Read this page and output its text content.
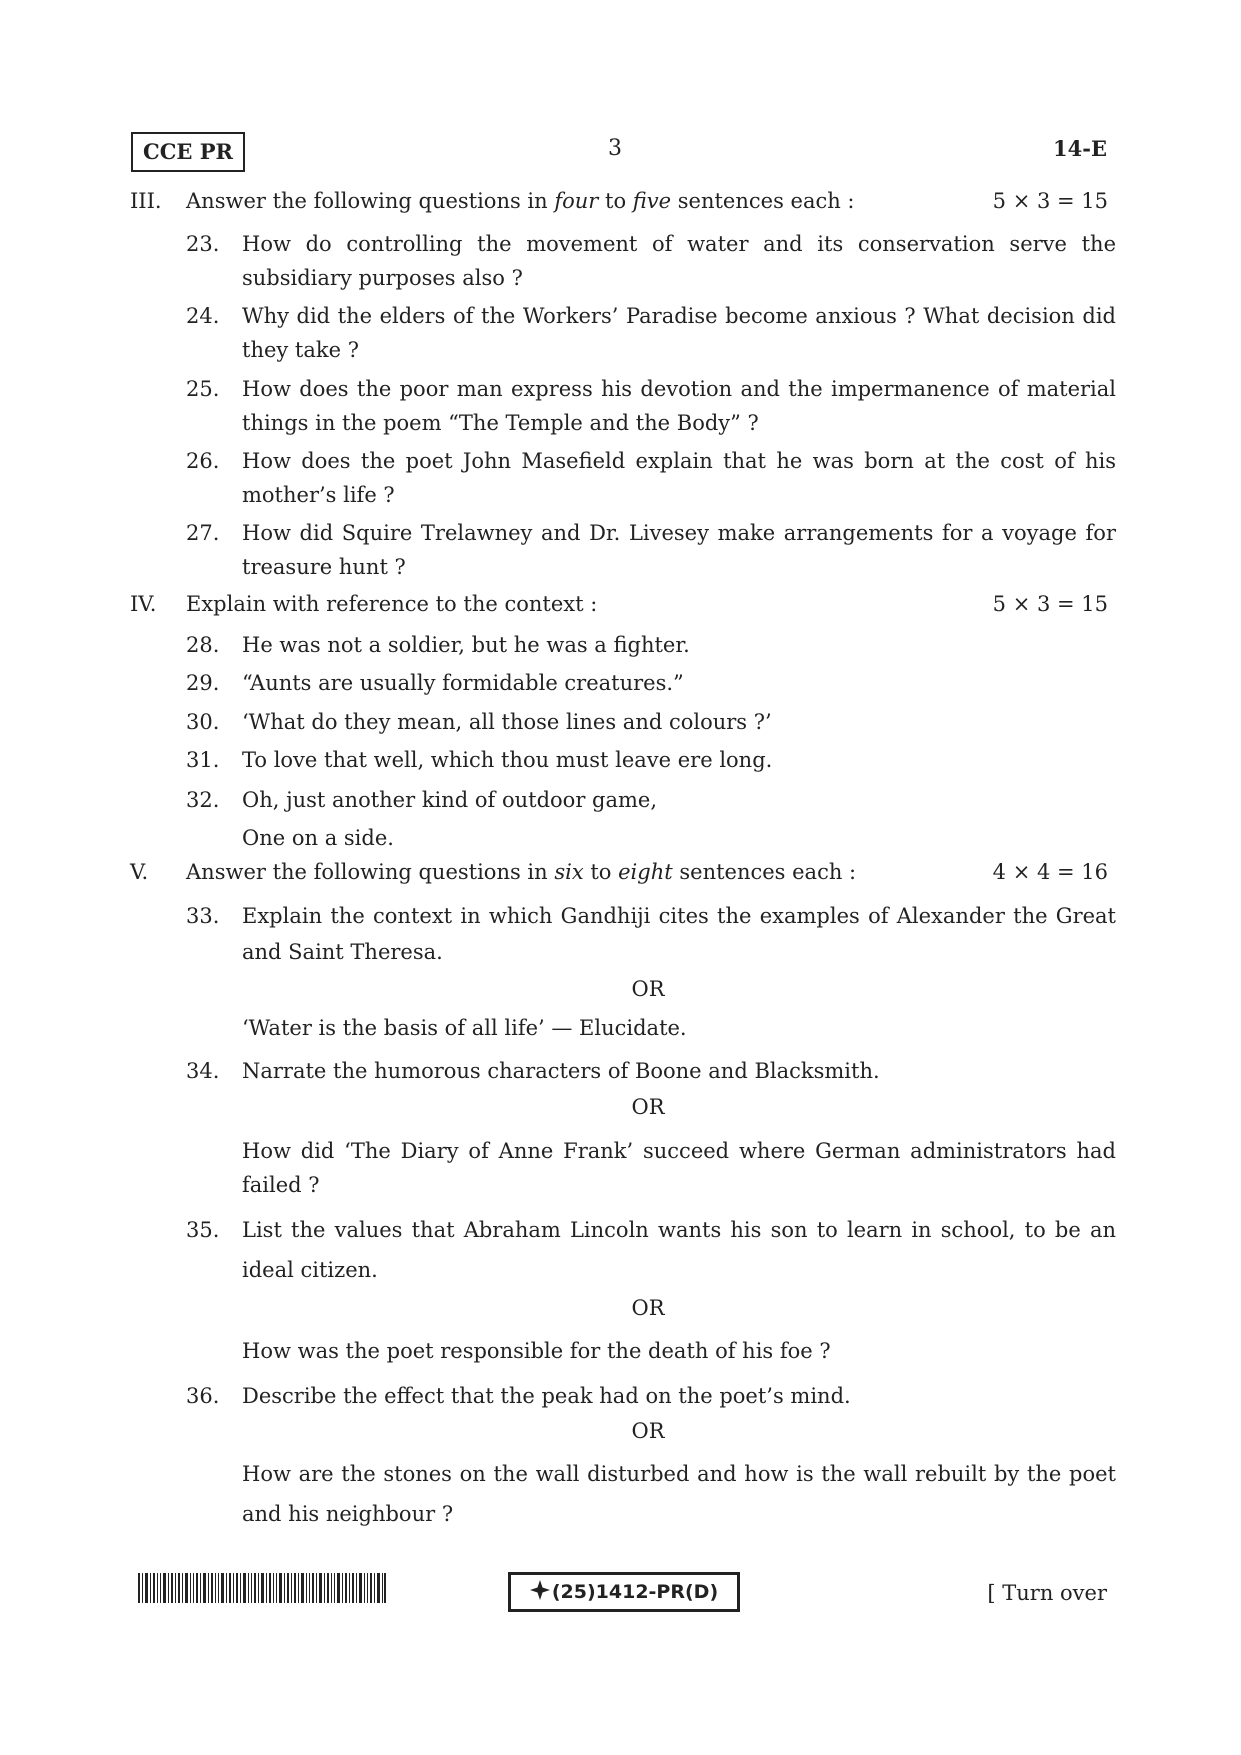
CCE PR	3	14-E
III.	Answer the following questions in four to five sentences each :	5 × 3 = 15
23.	How do controlling the movement of water and its conservation serve the subsidiary purposes also ?
24.	Why did the elders of the Workers’ Paradise become anxious ? What decision did they take ?
25.	How does the poor man express his devotion and the impermanence of material things in the poem “The Temple and the Body” ?
26.	How does the poet John Masefield explain that he was born at the cost of his mother’s life ?
27.	How did Squire Trelawney and Dr. Livesey make arrangements for a voyage for treasure hunt ?
IV.	Explain with reference to the context :	5 × 3 = 15
28.	He was not a soldier, but he was a fighter.
29.	“Aunts are usually formidable creatures.”
30.	‘What do they mean, all those lines and colours ?’
31.	To love that well, which thou must leave ere long.
32.	Oh, just another kind of outdoor game,
One on a side.
V.	Answer the following questions in six to eight sentences each :	4 × 4 = 16
33.	Explain the context in which Gandhiji cites the examples of Alexander the Great and Saint Theresa.
OR
‘Water is the basis of all life’ — Elucidate.
34.	Narrate the humorous characters of Boone and Blacksmith.
OR
How did ‘The Diary of Anne Frank’ succeed where German administrators had failed ?
35.	List the values that Abraham Lincoln wants his son to learn in school, to be an ideal citizen.
OR
How was the poet responsible for the death of his foe ?
36.	Describe the effect that the peak had on the poet’s mind.
OR
How are the stones on the wall disturbed and how is the wall rebuilt by the poet and his neighbour ?
(25)1412-PR(D)	[ Turn over
